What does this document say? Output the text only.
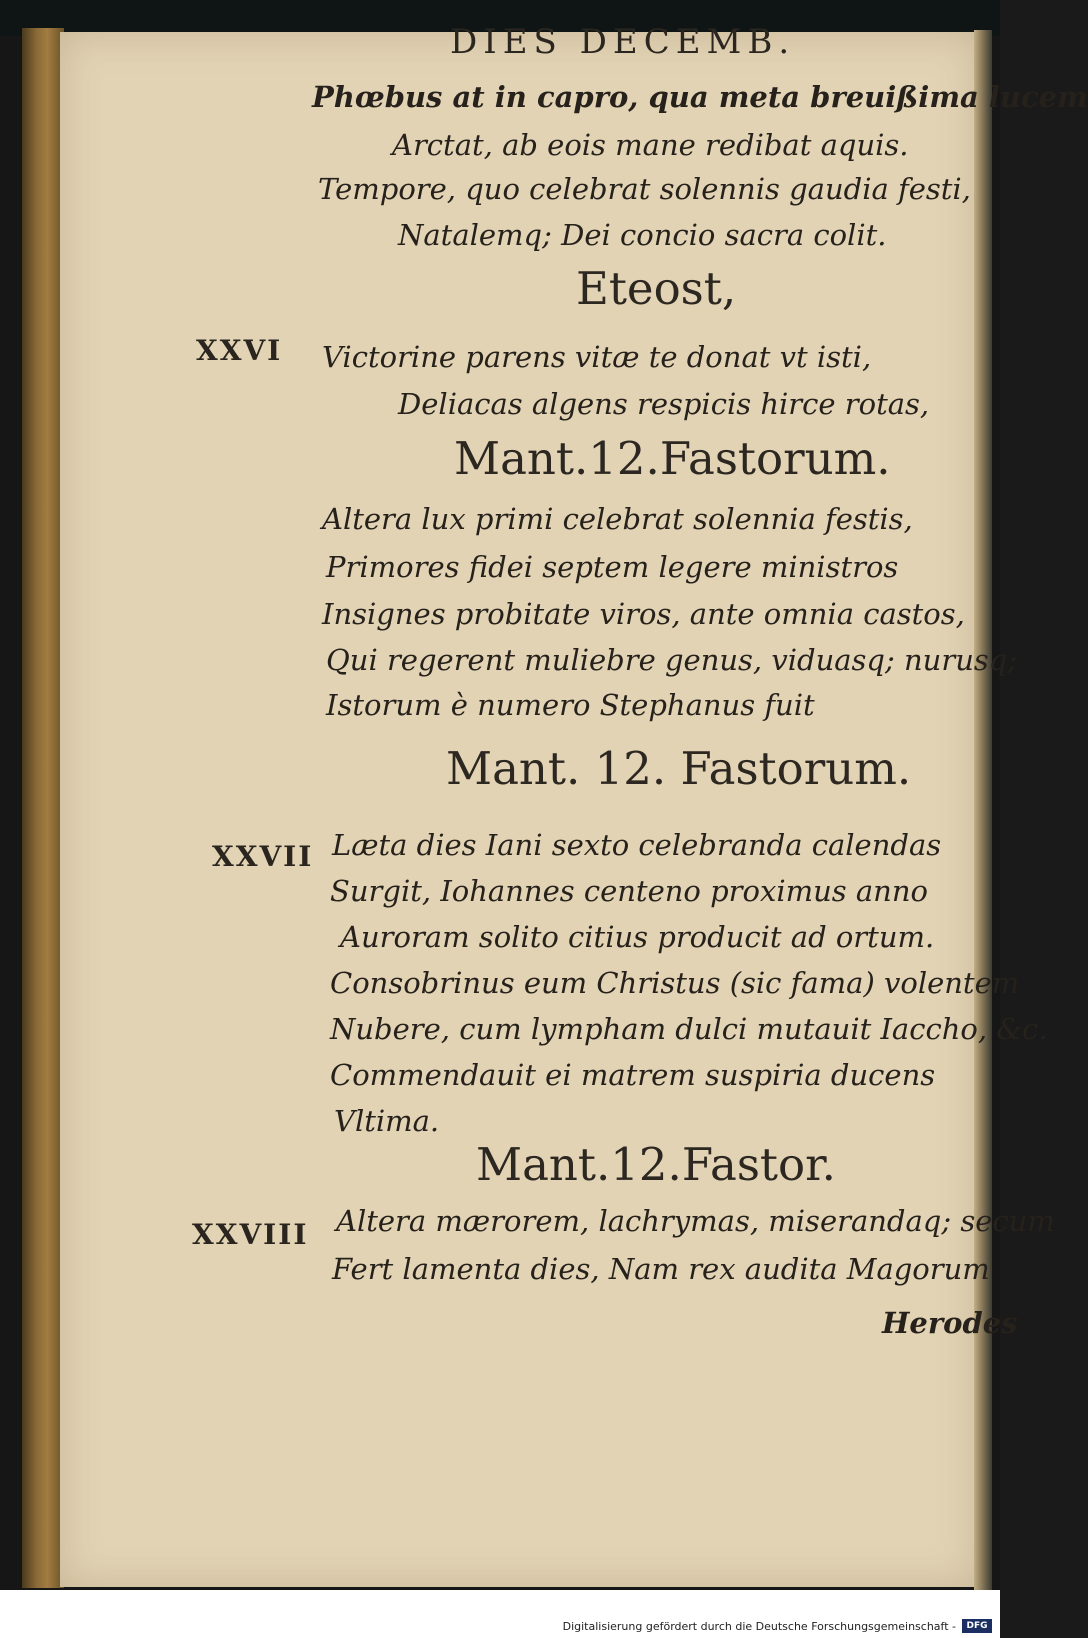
DIES DECEMB.
Phœbus at in capro, qua meta breuißima lucem
Arctat, ab eois mane redibat aquis.
Tempore, quo celebrat solennis gaudia festi,
Natalemq; Dei concio sacra colit.
Eteost,
XXVI Victorine parens vitæ te donat vt isti,
Deliacas algens respicis hirce rotas,
Mant.12.Fastorum.
Altera lux primi celebrat solennia festis,
Primores fidei septem legere ministros
Insignes probitate viros, ante omnia castos,
Qui regerent muliebre genus, viduasq; nurusq;
Istorum è numero Stephanus fuit
Mant. 12. Fastorum.
XXVII Læta dies Iani sexto celebranda calendas
Surgit, Iohannes centeno proximus anno
Auroram solito citius producit ad ortum.
Consobrinus eum Christus (sic fama) volentem
Nubere, cum lympham dulci mutauit Iaccho, &c.
Commendauit ei matrem suspiria ducens
Vltima.
Mant.12.Fastor.
XXVIII Altera mærorem, lachrymas, miserandaq; secum
Fert lamenta dies, Nam rex audita Magorum
Herodes
Digitalisierung gefördert durch die Deutsche Forschungsgemeinschaft -	DFG
